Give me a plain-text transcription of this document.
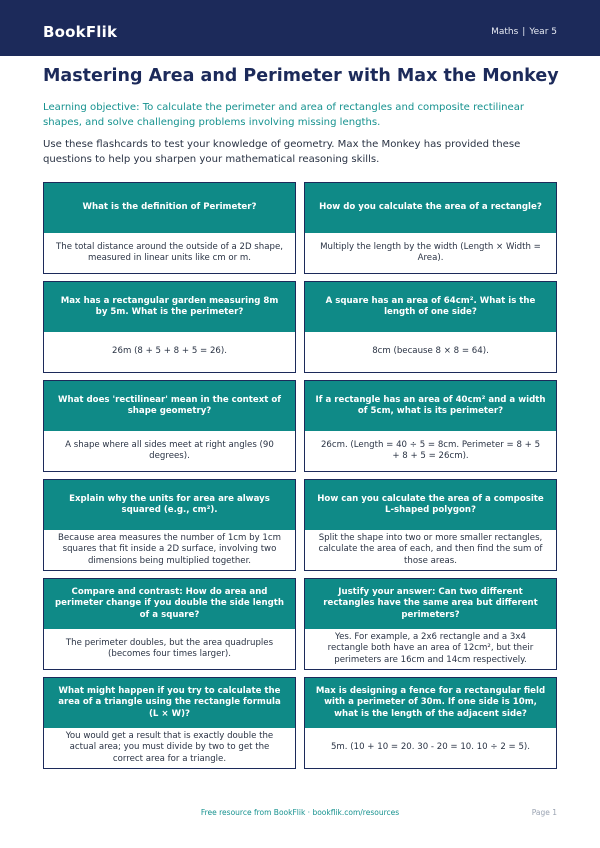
BookFlik	Maths | Year 5
Mastering Area and Perimeter with Max the Monkey

Learning objective: To calculate the perimeter and area of rectangles and composite rectilinear shapes, and solve challenging problems involving missing lengths.

Use these flashcards to test your knowledge of geometry. Max the Monkey has provided these questions to help you sharpen your mathematical reasoning skills.

What is the definition of Perimeter?
The total distance around the outside of a 2D shape, measured in linear units like cm or m.
How do you calculate the area of a rectangle?
Multiply the length by the width (Length × Width = Area).
Max has a rectangular garden measuring 8m by 5m. What is the perimeter?
26m (8 + 5 + 8 + 5 = 26).
A square has an area of 64cm². What is the length of one side?
8cm (because 8 × 8 = 64).
What does 'rectilinear' mean in the context of shape geometry?
A shape where all sides meet at right angles (90 degrees).
If a rectangle has an area of 40cm² and a width of 5cm, what is its perimeter?
26cm. (Length = 40 ÷ 5 = 8cm. Perimeter = 8 + 5 + 8 + 5 = 26cm).
Explain why the units for area are always squared (e.g., cm²).
Because area measures the number of 1cm by 1cm squares that fit inside a 2D surface, involving two dimensions being multiplied together.
How can you calculate the area of a composite L-shaped polygon?
Split the shape into two or more smaller rectangles, calculate the area of each, and then find the sum of those areas.
Compare and contrast: How do area and perimeter change if you double the side length of a square?
The perimeter doubles, but the area quadruples (becomes four times larger).
Justify your answer: Can two different rectangles have the same area but different perimeters?
Yes. For example, a 2x6 rectangle and a 3x4 rectangle both have an area of 12cm², but their perimeters are 16cm and 14cm respectively.
What might happen if you try to calculate the area of a triangle using the rectangle formula (L × W)?
You would get a result that is exactly double the actual area; you must divide by two to get the correct area for a triangle.
Max is designing a fence for a rectangular field with a perimeter of 30m. If one side is 10m, what is the length of the adjacent side?
5m. (10 + 10 = 20. 30 - 20 = 10. 10 ÷ 2 = 5).
Free resource from BookFlik · bookflik.com/resources	Page 1
